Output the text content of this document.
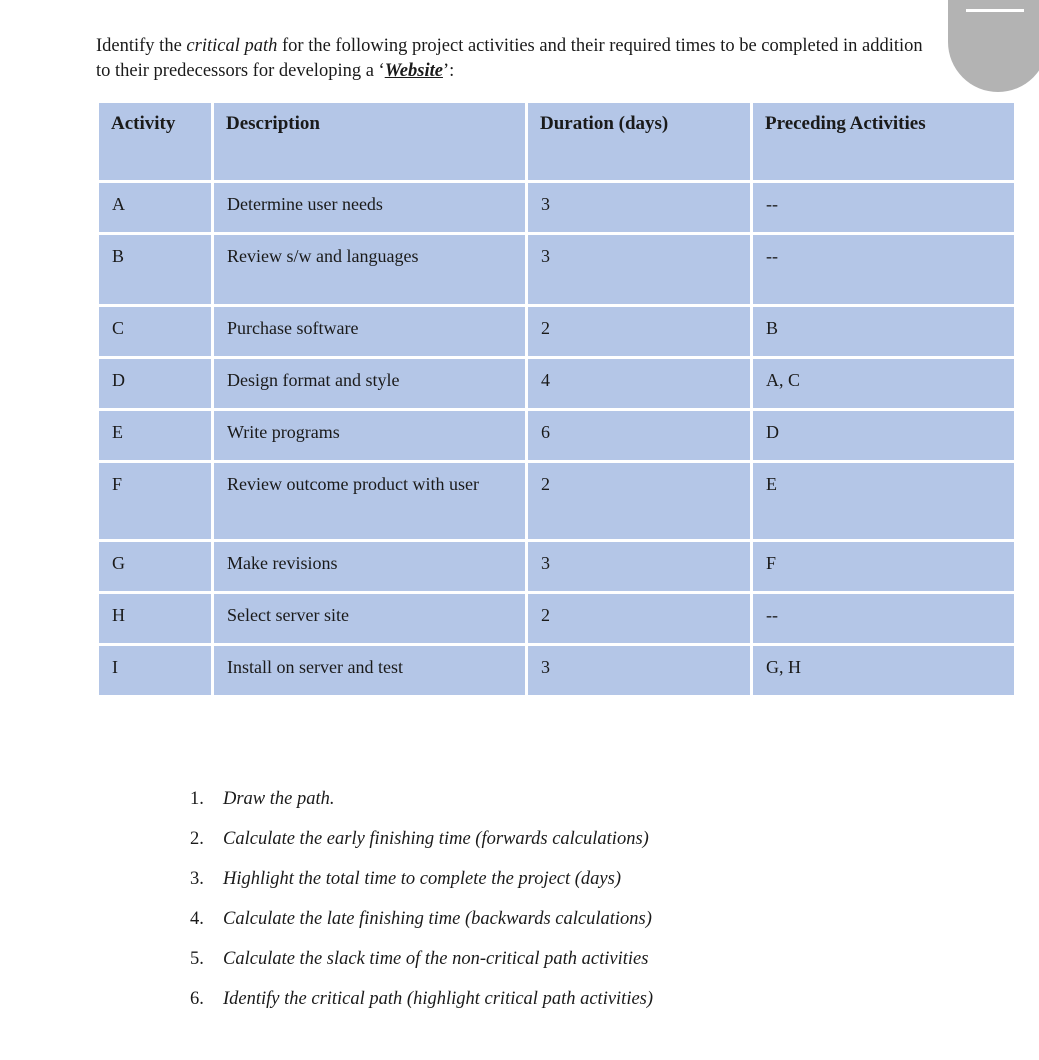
Identify the critical path for the following project activities and their required times to be completed in addition to their predecessors for developing a ‘Website’:
Activity	Description	Duration (days)	Preceding Activities

A	Determine user needs	3	--

B	Review s/w and languages	3	--

C	Purchase software	2	B

D	Design format and style	4	A, C

E	Write programs	6	D

F	Review outcome product with user	2	E

G	Make revisions	3	F

H	Select server site	2	--

I	Install on server and test	3	G, H
1. Draw the path.
2. Calculate the early finishing time (forwards calculations)
3. Highlight the total time to complete the project (days)
4. Calculate the late finishing time (backwards calculations)
5. Calculate the slack time of the non-critical path activities
6. Identify the critical path (highlight critical path activities)
